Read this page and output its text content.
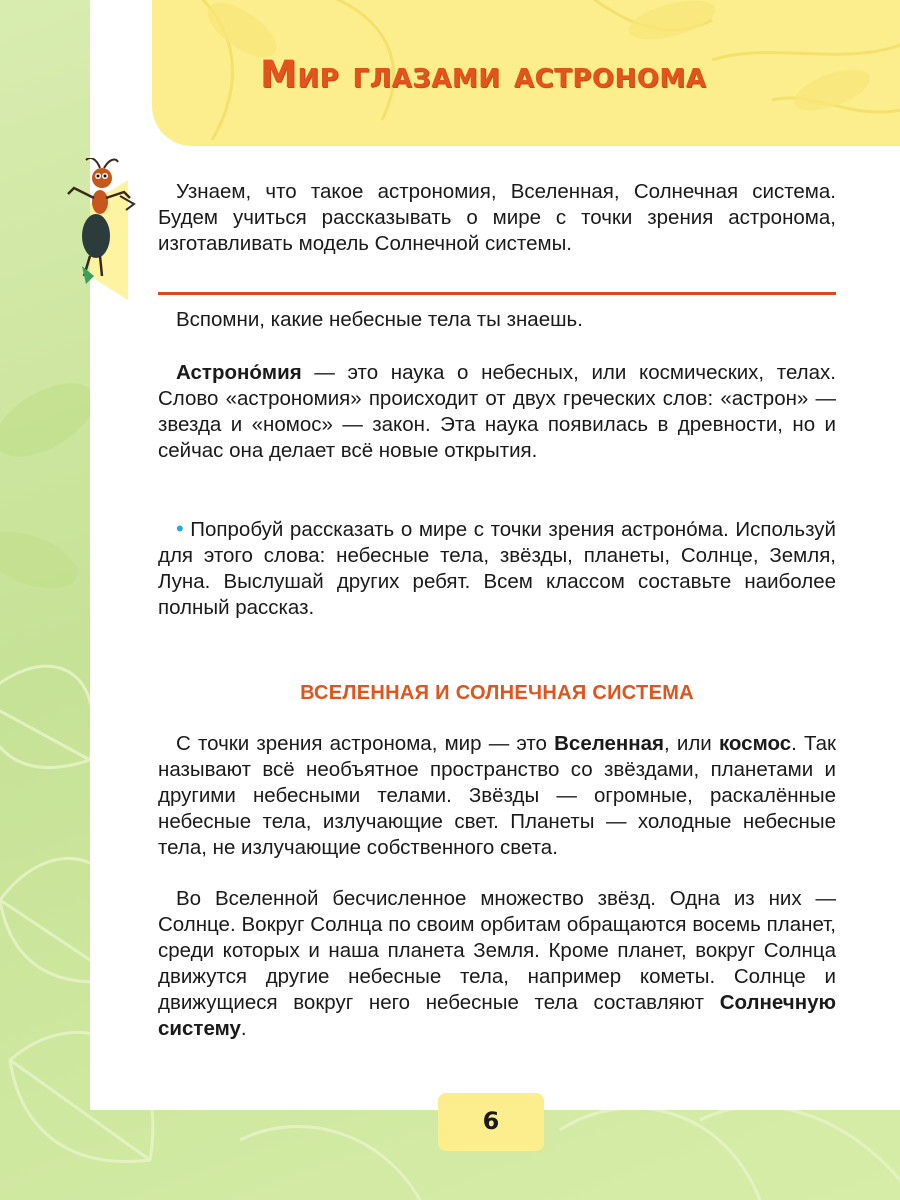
Мир глазами астронома

Узнаем, что такое астрономия, Вселенная, Солнечная система. Будем учиться рассказывать о мире с точки зрения астронома, изготавливать модель Солнечной системы.

Вспомни, какие небесные тела ты знаешь.

Астроно́мия — это наука о небесных, или космических, телах. Слово «астрономия» происходит от двух греческих слов: «астрон» — звезда и «номос» — закон. Эта наука появилась в древности, но и сейчас она делает всё новые открытия.

• Попробуй рассказать о мире с точки зрения астроно́ма. Используй для этого слова: небесные тела, звёзды, планеты, Солнце, Земля, Луна. Выслушай других ребят. Всем классом составьте наиболее полный рассказ.

ВСЕЛЕННАЯ И СОЛНЕЧНАЯ СИСТЕМА

С точки зрения астронома, мир — это Вселенная, или космос. Так называют всё необъятное пространство со звёздами, планетами и другими небесными телами. Звёзды — огромные, раскалённые небесные тела, излучающие свет. Планеты — холодные небесные тела, не излучающие собственного света.

Во Вселенной бесчисленное множество звёзд. Одна из них — Солнце. Вокруг Солнца по своим орбитам обращаются восемь планет, среди которых и наша планета Земля. Кроме планет, вокруг Солнца движутся другие небесные тела, например кометы. Солнце и движущиеся вокруг него небесные тела составляют Солнечную систему.

6
